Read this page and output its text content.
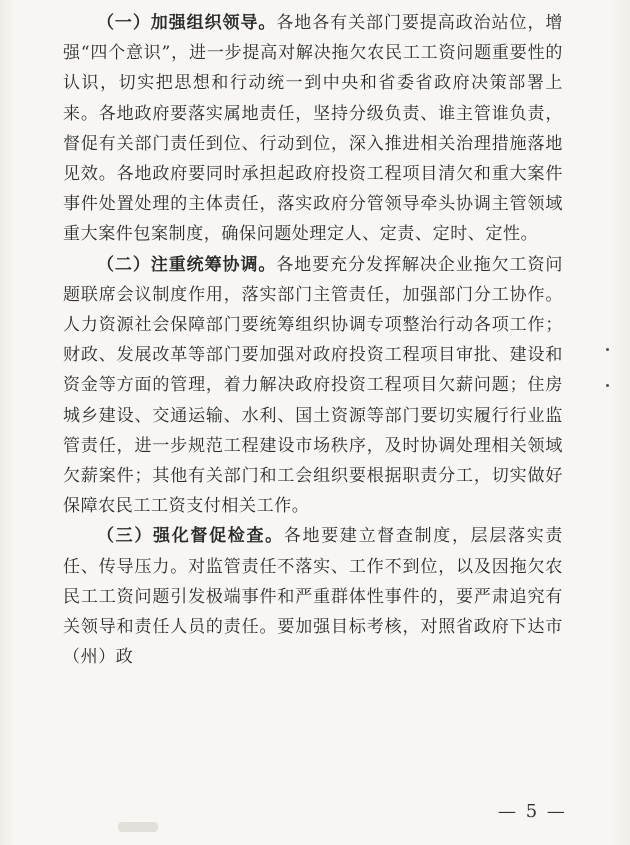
（一）加强组织领导。各地各有关部门要提高政治站位，增强“四个意识”，进一步提高对解决拖欠农民工工资问题重要性的认识，切实把思想和行动统一到中央和省委省政府决策部署上来。各地政府要落实属地责任，坚持分级负责、谁主管谁负责，督促有关部门责任到位、行动到位，深入推进相关治理措施落地见效。各地政府要同时承担起政府投资工程项目清欠和重大案件事件处置处理的主体责任，落实政府分管领导牵头协调主管领域重大案件包案制度，确保问题处理定人、定责、定时、定性。

（二）注重统筹协调。各地要充分发挥解决企业拖欠工资问题联席会议制度作用，落实部门主管责任，加强部门分工协作。人力资源社会保障部门要统筹组织协调专项整治行动各项工作；财政、发展改革等部门要加强对政府投资工程项目审批、建设和资金等方面的管理，着力解决政府投资工程项目欠薪问题；住房城乡建设、交通运输、水利、国土资源等部门要切实履行行业监管责任，进一步规范工程建设市场秩序，及时协调处理相关领域欠薪案件；其他有关部门和工会组织要根据职责分工，切实做好保障农民工工资支付相关工作。

（三）强化督促检查。各地要建立督查制度，层层落实责任、传导压力。对监管责任不落实、工作不到位，以及因拖欠农民工工资问题引发极端事件和严重群体性事件的，要严肃追究有关领导和责任人员的责任。要加强目标考核，对照省政府下达市（州）政

— 5 —
